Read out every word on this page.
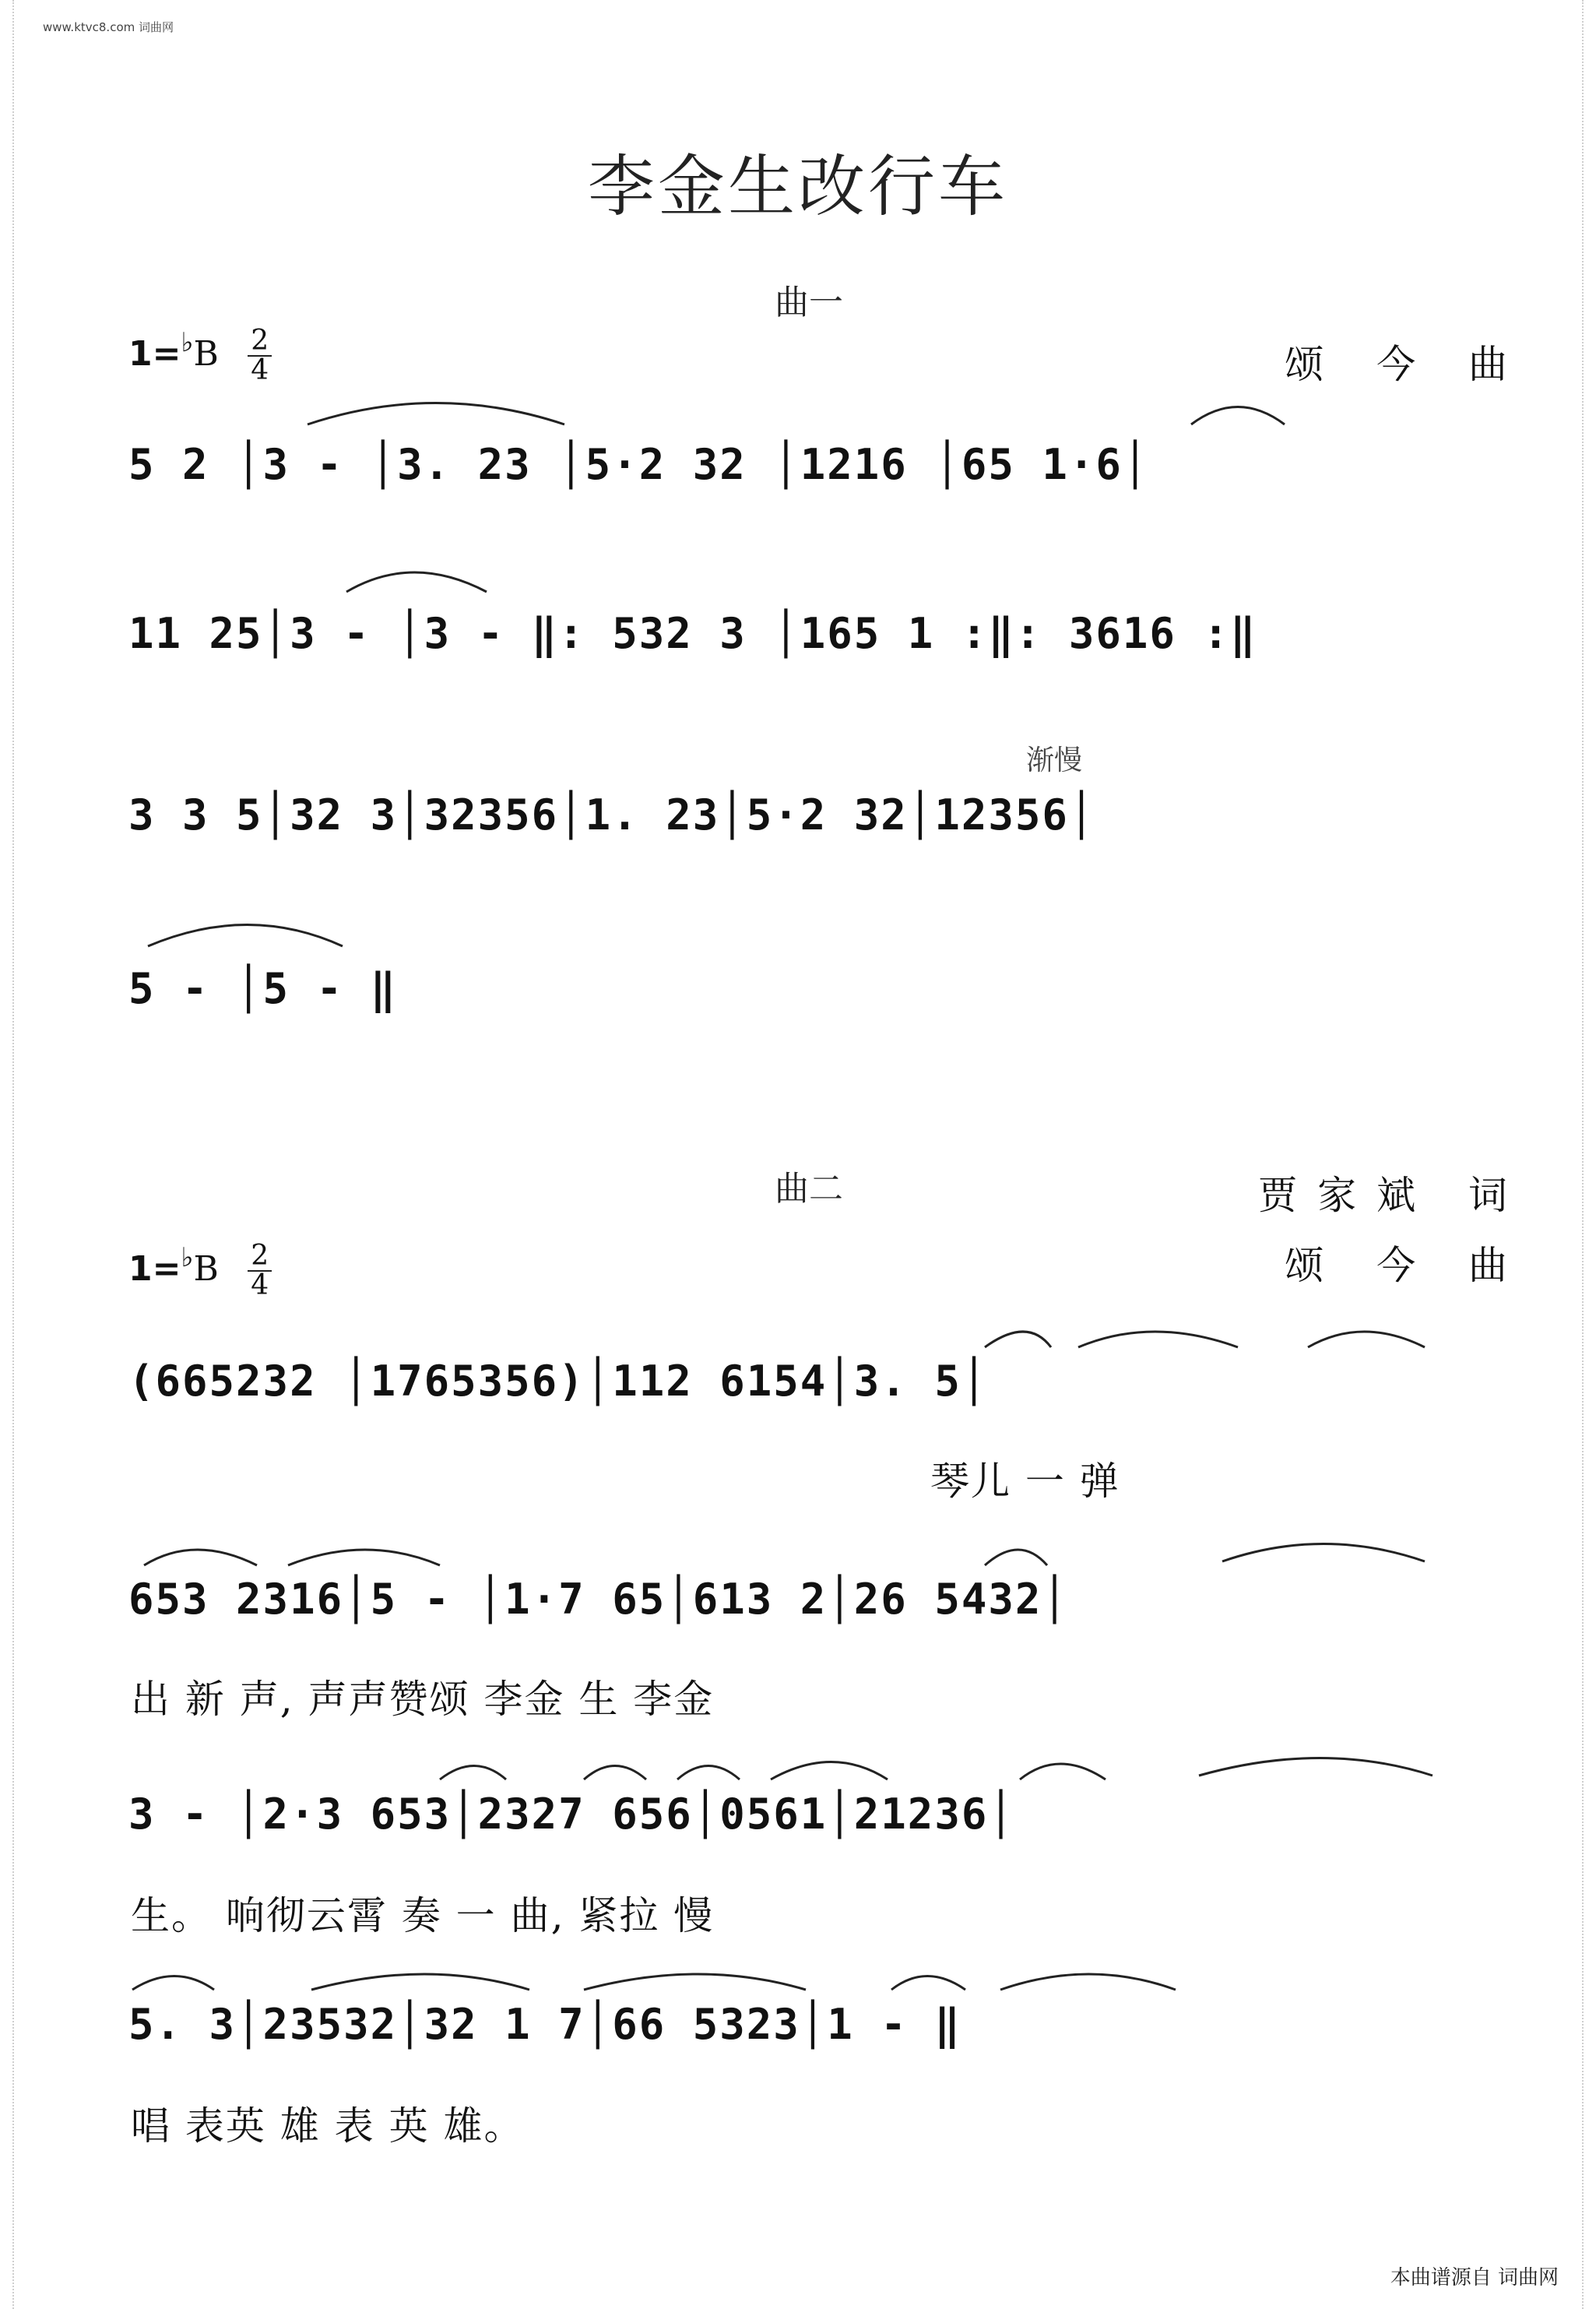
www.ktvc8.com 词曲网
李金生改行车
曲一
$1=^♭B \frac{2}{4}$	颂 今 曲
5 2 │3 - │3. 23 │5·2 32 │1216 │65 1·6│
11 25│3 - │3 - ‖: 532 3 │165 1 :‖: 3616 :‖
渐慢
3 3 5│32 3│32356│1. 23│5·2 32│12356│
5 - │5 - ‖
曲二	贾家斌 词
颂 今 曲
$1=^♭B \frac{2}{4}$
(665232 │1765356)│112 6154│3. 5│
琴儿 一 弹
653 2316│5 - │1·7 65│613 2│26 5432│
出 新 声, 声声赞颂 李金 生 李金
3 - │2·3 653│2327 656│0561│21236│
生。 响彻云霄 奏 一 曲, 紧拉 慢
5. 3│23532│32 1 7│66 5323│1 - ‖
唱 表英 雄 表 英 雄。
本曲谱源自 词曲网
